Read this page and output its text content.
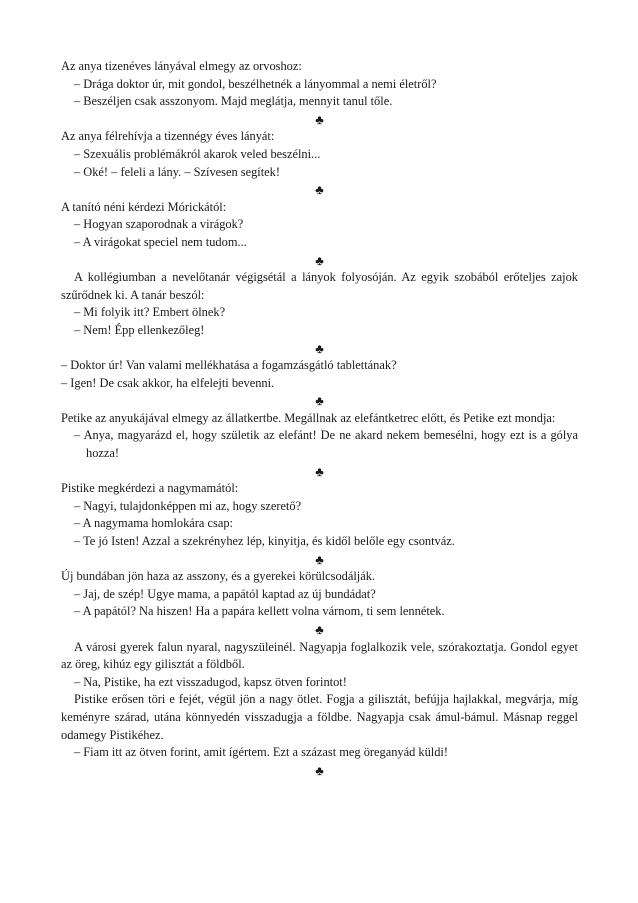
Az anya tizenéves lányával elmegy az orvoshoz:

– Drága doktor úr, mit gondol, beszélhetnék a lányommal a nemi életről?

– Beszéljen csak asszonyom. Majd meglátja, mennyit tanul tőle.

♣

Az anya félrehívja a tizennégy éves lányát:

– Szexuális problémákról akarok veled beszélni...

– Oké! – feleli a lány. – Szívesen segítek!

♣

A tanító néni kérdezi Mórickától:

– Hogyan szaporodnak a virágok?

– A virágokat speciel nem tudom...

♣

A kollégiumban a nevelőtanár végigsétál a lányok folyosóján. Az egyik szobából erőteljes zajok szűrődnek ki. A tanár beszól:

– Mi folyik itt? Embert ölnek?

– Nem! Épp ellenkezőleg!

♣

– Doktor úr! Van valami mellékhatása a fogamzásgátló tablettának?

– Igen! De csak akkor, ha elfelejti bevenni.

♣

Petike az anyukájával elmegy az állatkertbe. Megállnak az elefántketrec előtt, és Petike ezt mondja:

– Anya, magyarázd el, hogy születik az elefánt! De ne akard nekem bemesélni, hogy ezt is a gólya hozza!

♣

Pistike megkérdezi a nagymamától:

– Nagyi, tulajdonképpen mi az, hogy szerető?

– A nagymama homlokára csap:

– Te jó Isten! Azzal a szekrényhez lép, kinyitja, és kidől belőle egy csontváz.

♣

Új bundában jön haza az asszony, és a gyerekei körülcsodálják.

– Jaj, de szép! Ugye mama, a papától kaptad az új bundádat?

– A papától? Na hiszen! Ha a papára kellett volna várnom, ti sem lennétek.

♣

A városi gyerek falun nyaral, nagyszüleinél. Nagyapja foglalkozik vele, szórakoztatja. Gondol egyet az öreg, kihúz egy gilisztát a földből.

– Na, Pistike, ha ezt visszadugod, kapsz ötven forintot!

Pistike erősen töri e fejét, végül jön a nagy ötlet. Fogja a gilisztát, befújja hajlakkal, megvárja, míg keményre szárad, utána könnyedén visszadugja a földbe. Nagyapja csak ámul-bámul. Másnap reggel odamegy Pistikéhez.

– Fiam itt az ötven forint, amit ígértem. Ezt a százast meg öreganyád küldi!

♣
